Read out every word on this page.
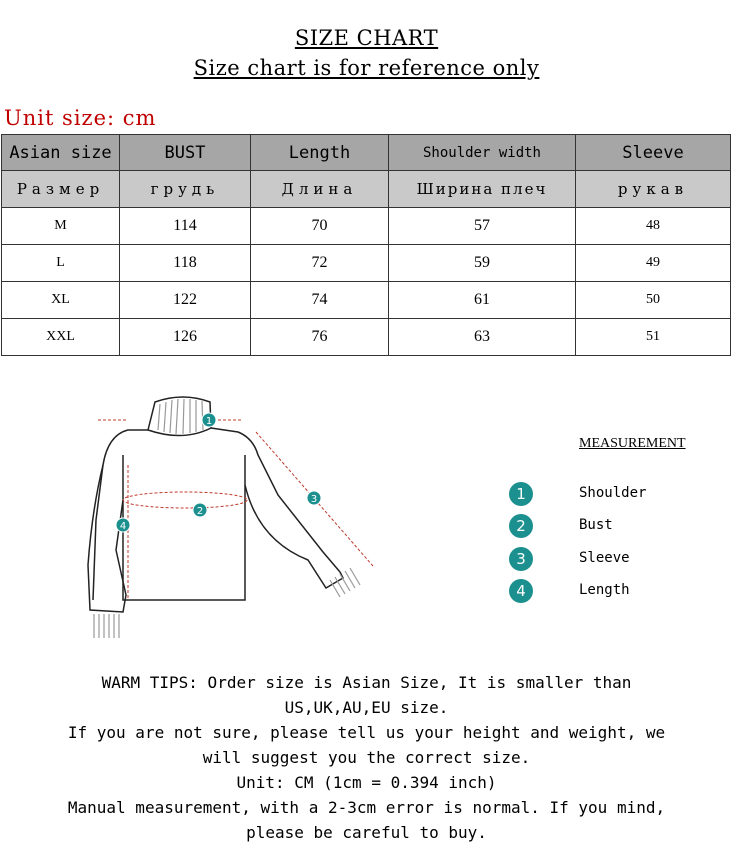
SIZE CHART
Size chart is for reference only
Unit size: cm
Asian size	BUST	Length	Shoulder width	Sleeve
Размер	грудь	Длина	Ширина плеч	рукав
M	114	70	57	48
L	118	72	59	49
XL	122	74	61	50
XXL	126	76	63	51
1
2
3
4
MEASUREMENT
1	Shoulder
2	Bust
3	Sleeve
4	Length
WARM TIPS: Order size is Asian Size, It is smaller than
US,UK,AU,EU size.
If you are not sure, please tell us your height and weight, we
will suggest you the correct size.
Unit: CM (1cm = 0.394 inch)
Manual measurement, with a 2-3cm error is normal. If you mind,
please be careful to buy.
